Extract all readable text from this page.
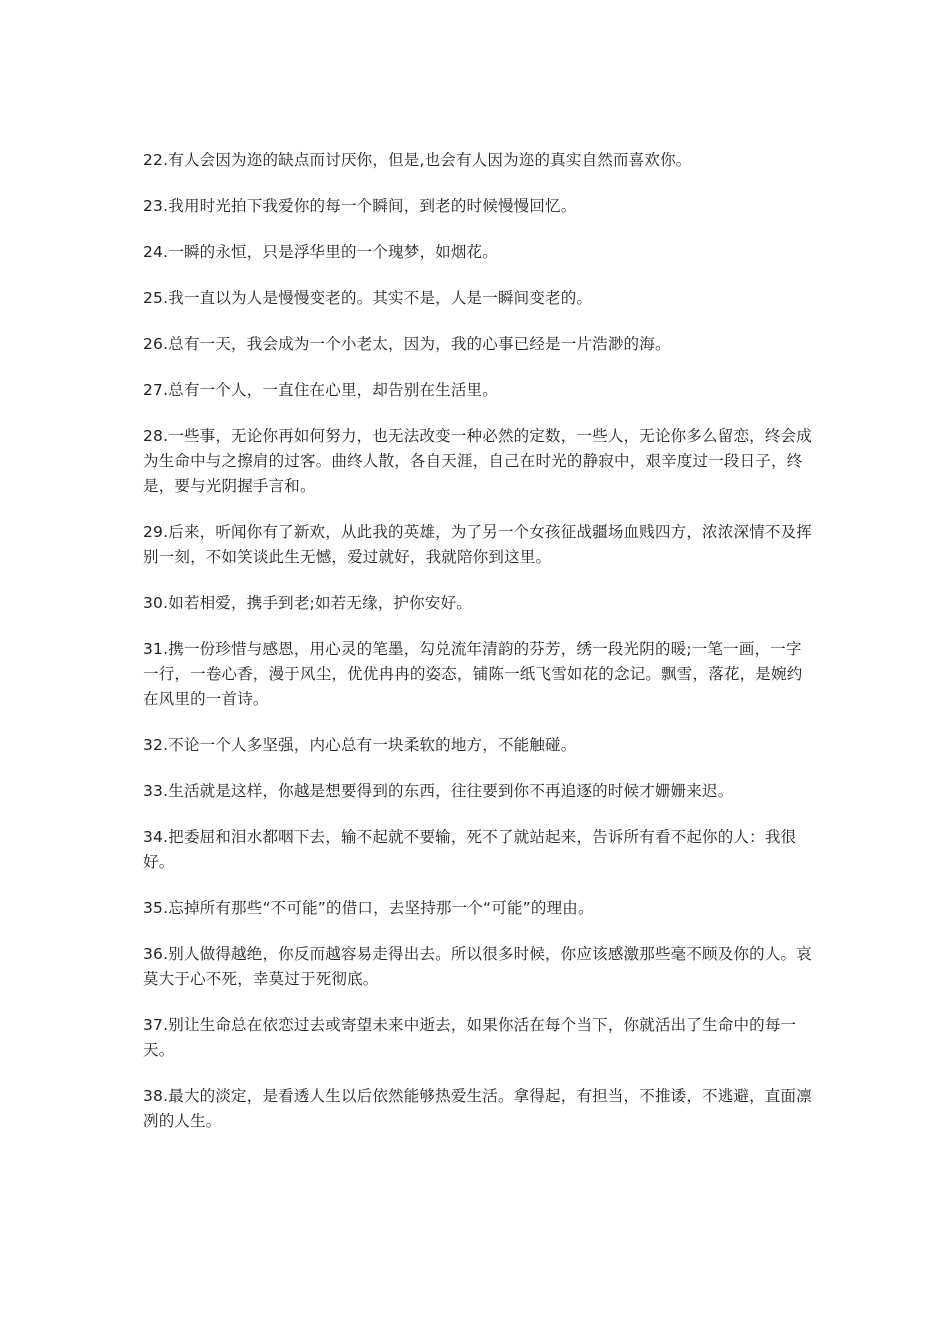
22.有人会因为迩的缺点而讨厌你，但是,也会有人因为迩的真实自然而喜欢你。

23.我用时光拍下我爱你的每一个瞬间，到老的时候慢慢回忆。

24.一瞬的永恒，只是浮华里的一个瑰梦，如烟花。

25.我一直以为人是慢慢变老的。其实不是，人是一瞬间变老的。

26.总有一天，我会成为一个小老太，因为，我的心事已经是一片浩渺的海。

27.总有一个人，一直住在心里，却告别在生活里。

28.一些事，无论你再如何努力，也无法改变一种必然的定数，一些人，无论你多么留恋，终会成为生命中与之擦肩的过客。曲终人散，各自天涯，自己在时光的静寂中，艰辛度过一段日子，终是，要与光阴握手言和。

29.后来，听闻你有了新欢，从此我的英雄，为了另一个女孩征战疆场血贱四方，浓浓深情不及挥别一刻，不如笑谈此生无憾，爱过就好，我就陪你到这里。

30.如若相爱，携手到老;如若无缘，护你安好。

31.携一份珍惜与感恩，用心灵的笔墨，勾兑流年清韵的芬芳，绣一段光阴的暖;一笔一画，一字一行，一卷心香，漫于风尘，优优冉冉的姿态，铺陈一纸飞雪如花的念记。飘雪，落花，是婉约在风里的一首诗。

32.不论一个人多坚强，内心总有一块柔软的地方，不能触碰。

33.生活就是这样，你越是想要得到的东西，往往要到你不再追逐的时候才姗姗来迟。

34.把委屈和泪水都咽下去，输不起就不要输，死不了就站起来，告诉所有看不起你的人：我很好。

35.忘掉所有那些“不可能”的借口，去坚持那一个“可能”的理由。

36.别人做得越绝，你反而越容易走得出去。所以很多时候，你应该感激那些毫不顾及你的人。哀莫大于心不死，幸莫过于死彻底。

37.别让生命总在依恋过去或寄望未来中逝去，如果你活在每个当下，你就活出了生命中的每一天。

38.最大的淡定，是看透人生以后依然能够热爱生活。拿得起，有担当，不推诿，不逃避，直面凛冽的人生。
